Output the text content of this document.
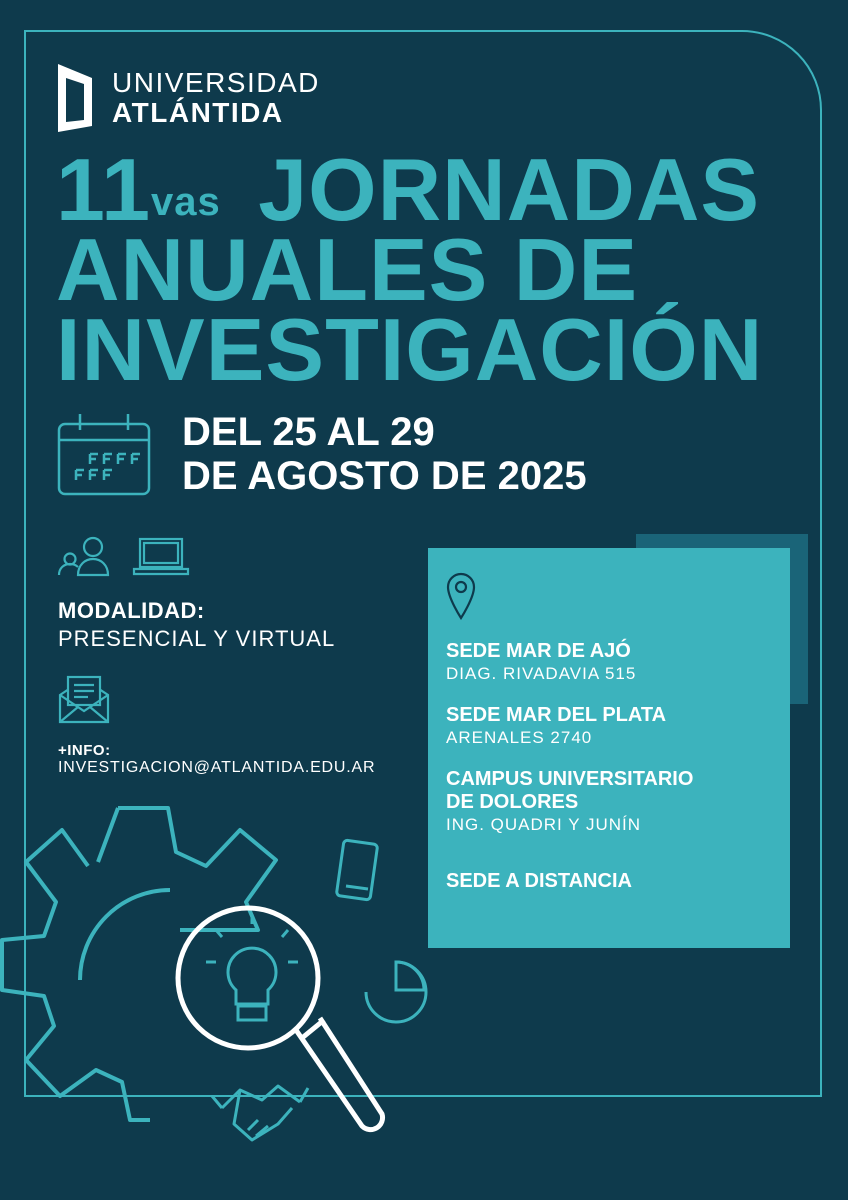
UNIVERSIDAD
ATLÁNTIDA
$11^{vas}$ JORNADAS
ANUALES DE
INVESTIGACIÓN
DEL 25 AL 29
DE AGOSTO DE 2025
MODALIDAD:
PRESENCIAL Y VIRTUAL
+INFO:
INVESTIGACION@ATLANTIDA.EDU.AR
SEDE MAR DE AJÓ
DIAG. RIVADAVIA 515
SEDE MAR DEL PLATA
ARENALES 2740
CAMPUS UNIVERSITARIO
DE DOLORES
ING. QUADRI Y JUNÍN
SEDE A DISTANCIA
